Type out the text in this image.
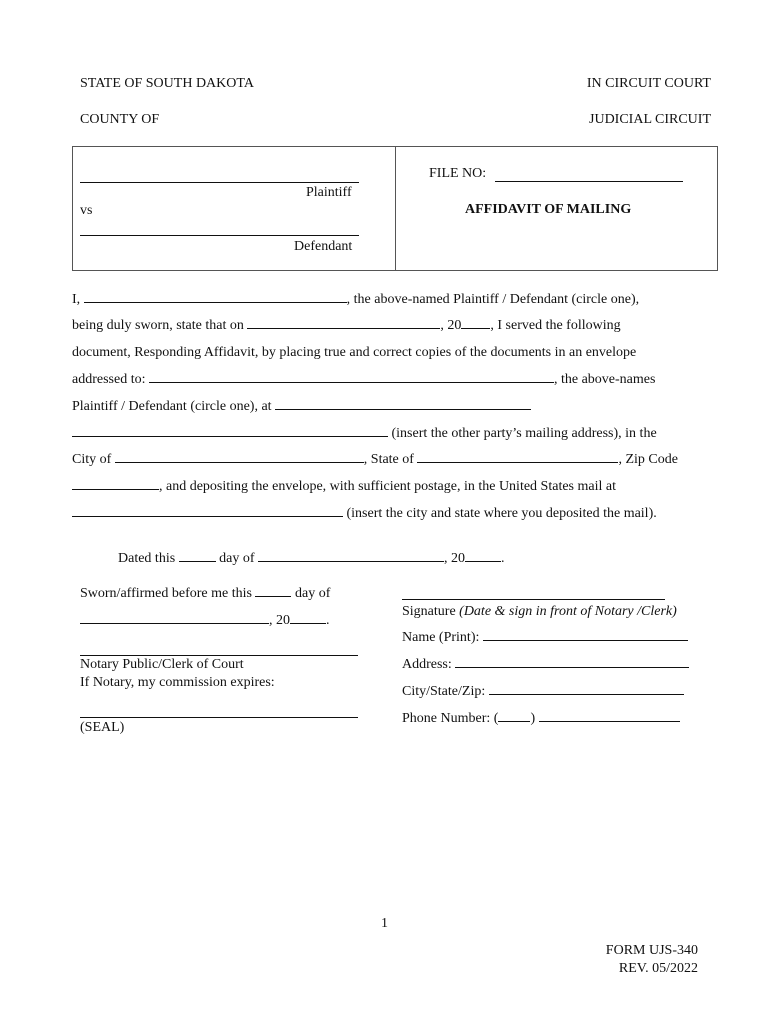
STATE OF SOUTH DAKOTA	IN CIRCUIT COURT
COUNTY OF	JUDICIAL CIRCUIT
Plaintiff
vs
Defendant
FILE NO:
AFFIDAVIT OF MAILING
I,	, the above-named Plaintiff / Defendant (circle one),
being duly sworn, state that on	, 20 , I served the following
document, Responding Affidavit, by placing true and correct copies of the documents in an envelope
addressed to:	, the above-names
Plaintiff / Defendant (circle one), at
(insert the other party’s mailing address), in the
City of	, State of	, Zip Code
, and depositing the envelope, with sufficient postage, in the United States mail at
(insert the city and state where you deposited the mail).
Dated this	day of	, 20	.
Sworn/affirmed before me this	day of
, 20	.
Notary Public/Clerk of Court
If Notary, my commission expires:
(SEAL)
Signature (Date & sign in front of Notary /Clerk)
Name (Print):
Address:
City/State/Zip:
Phone Number: ( )
1
FORM UJS-340
REV. 05/2022
